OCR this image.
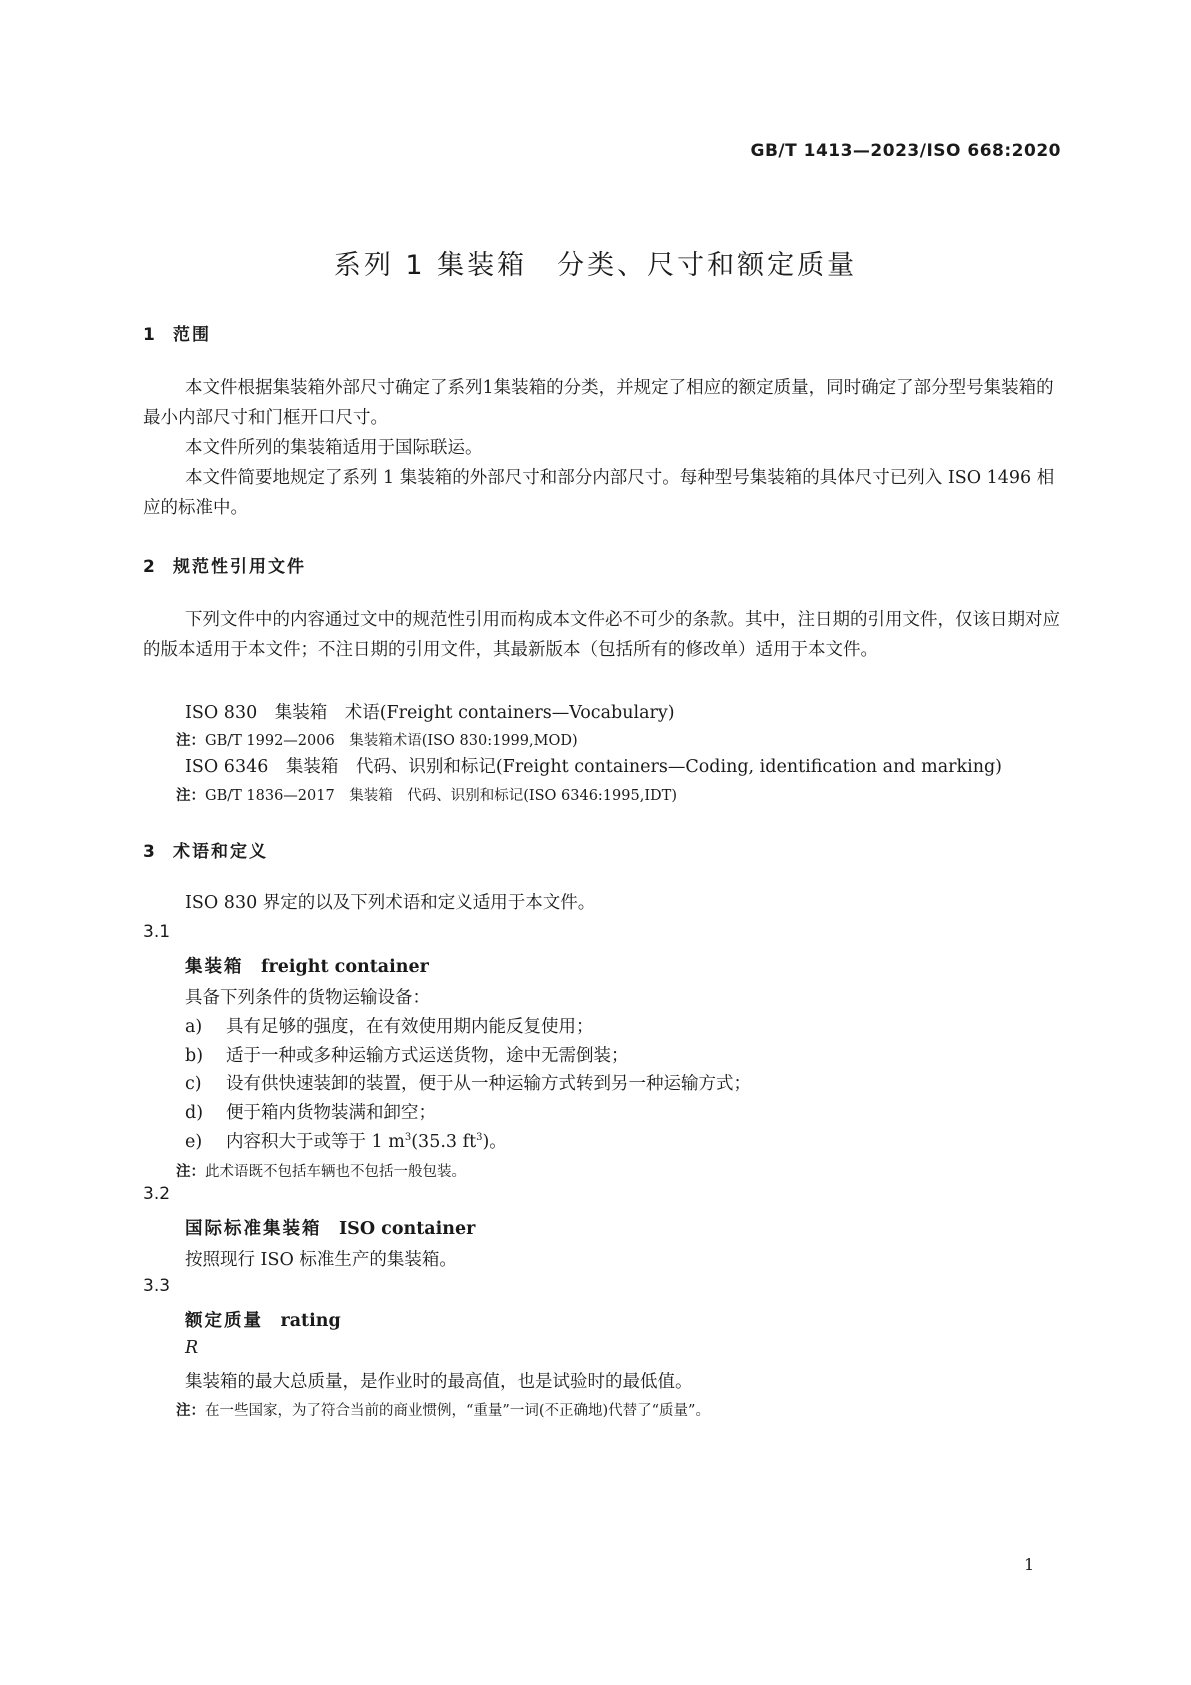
GB/T 1413—2023/ISO 668:2020
系列 1 集装箱　分类、尺寸和额定质量
1 范围

本文件根据集装箱外部尺寸确定了系列1集装箱的分类，并规定了相应的额定质量，同时确定了部分型号集装箱的最小内部尺寸和门框开口尺寸。

本文件所列的集装箱适用于国际联运。

本文件简要地规定了系列 1 集装箱的外部尺寸和部分内部尺寸。每种型号集装箱的具体尺寸已列入 ISO 1496 相应的标准中。

2 规范性引用文件

下列文件中的内容通过文中的规范性引用而构成本文件必不可少的条款。其中，注日期的引用文件，仅该日期对应的版本适用于本文件；不注日期的引用文件，其最新版本（包括所有的修改单）适用于本文件。

ISO 830　集装箱　术语(Freight containers—Vocabulary)
注：GB/T 1992—2006　集装箱术语(ISO 830:1999,MOD)
ISO 6346　集装箱　代码、识别和标记(Freight containers—Coding, identification and marking)
注：GB/T 1836—2017　集装箱　代码、识别和标记(ISO 6346:1995,IDT)
3 术语和定义
ISO 830 界定的以及下列术语和定义适用于本文件。
3.1
集装箱　 freight container
具备下列条件的货物运输设备：
a) 具有足够的强度，在有效使用期内能反复使用；
b) 适于一种或多种运输方式运送货物，途中无需倒装；
c) 设有供快速装卸的装置，便于从一种运输方式转到另一种运输方式；
d) 便于箱内货物装满和卸空；
e) 内容积大于或等于 1 $m^3(35.3$ $ft^3$)。
注：此术语既不包括车辆也不包括一般包装。
3.2
国际标准集装箱　 ISO container
按照现行 ISO 标准生产的集装箱。
3.3
额定质量　 rating
R
集装箱的最大总质量，是作业时的最高值，也是试验时的最低值。
注：在一些国家，为了符合当前的商业惯例，“重量”一词(不正确地)代替了“质量”。
1
